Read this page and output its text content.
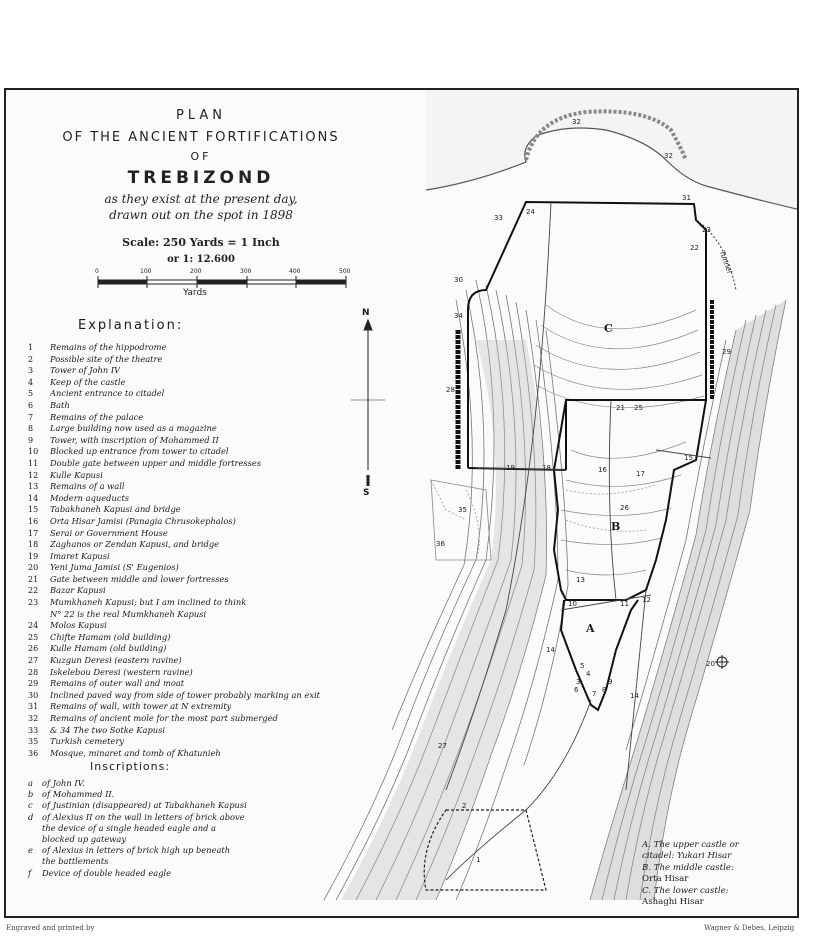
PLAN
OF THE ANCIENT FORTIFICATIONS
OF
TREBIZOND
as they exist at the present day,
drawn out on the spot in 1898
Scale: 250 Yards = 1 Inch
or 1: 12.600
0	100	200	300	400	500
Yards
Explanation:
1	Remains of the hippodrome
2	Possible site of the theatre
3	Tower of John IV
4	Keep of the castle
5	Ancient entrance to citadel
6	Bath
7	Remains of the palace
8	Large building now used as a magazine
9	Tower, with inscription of Mohammed II
10	Blocked up entrance from tower to citadel
11	Double gate between upper and middle fortresses
12	Kulle Kapusi
13	Remains of a wall
14	Modern aqueducts
15	Tabakhaneh Kapusi and bridge
16	Orta Hisar Jamisi (Panagia Chrusokephalos)
17	Serai or Government House
18	Zaghanos or Zendan Kapusi, and bridge
19	Imaret Kapusi
20	Yeni Juma Jamisi (S' Eugenios)
21	Gate between middle and lower fortresses
22	Bazar Kapusi
23	Mumkhaneh Kapusi; but I am inclined to think
N° 22 is the real Mumkhaneh Kapusi
24	Molos Kapusi
25	Chifte Hamam (old building)
26	Kulle Hamam (old building)
27	Kuzgun Deresi (eastern ravine)
28	Iskelebou Deresi (western ravine)
29	Remains of outer wall and moat
30	Inclined paved way from side of tower probably marking an exit
31	Remains of wall, with tower at N extremity
32	Remains of ancient mole for the most part submerged
33	& 34 The two Sotke Kapusi
35	Turkish cemetery
36	Mosque, minaret and tomb of Khatunieh
Inscriptions:
a	of John IV.
b	of Mohammed II.
c	of Justinian (disappeared) at Tabakhaneh Kapusi
d	of Alexius II on the wall in letters of brick above
the device of a single headed eagle and a
blocked up gateway
e	of Alexius in letters of brick high up beneath
the battlements
f	Device of double headed eagle
A. The upper castle or
citadel: Yukari Hisar
B. The middle castle:
Orta Hisar
C. The lower castle:
Ashaghi Hisar
N
S
A
B
C
Tunnel
32
32
31
33
24
23
22
30
34
29
28
21 25
19	18	16	17
15
26
35
36
13
10	11 12
14
14
20
27
2
1
3
4
5
6 7 8
9
Wagner & Debes, Leipzig
Engraved and printed by
